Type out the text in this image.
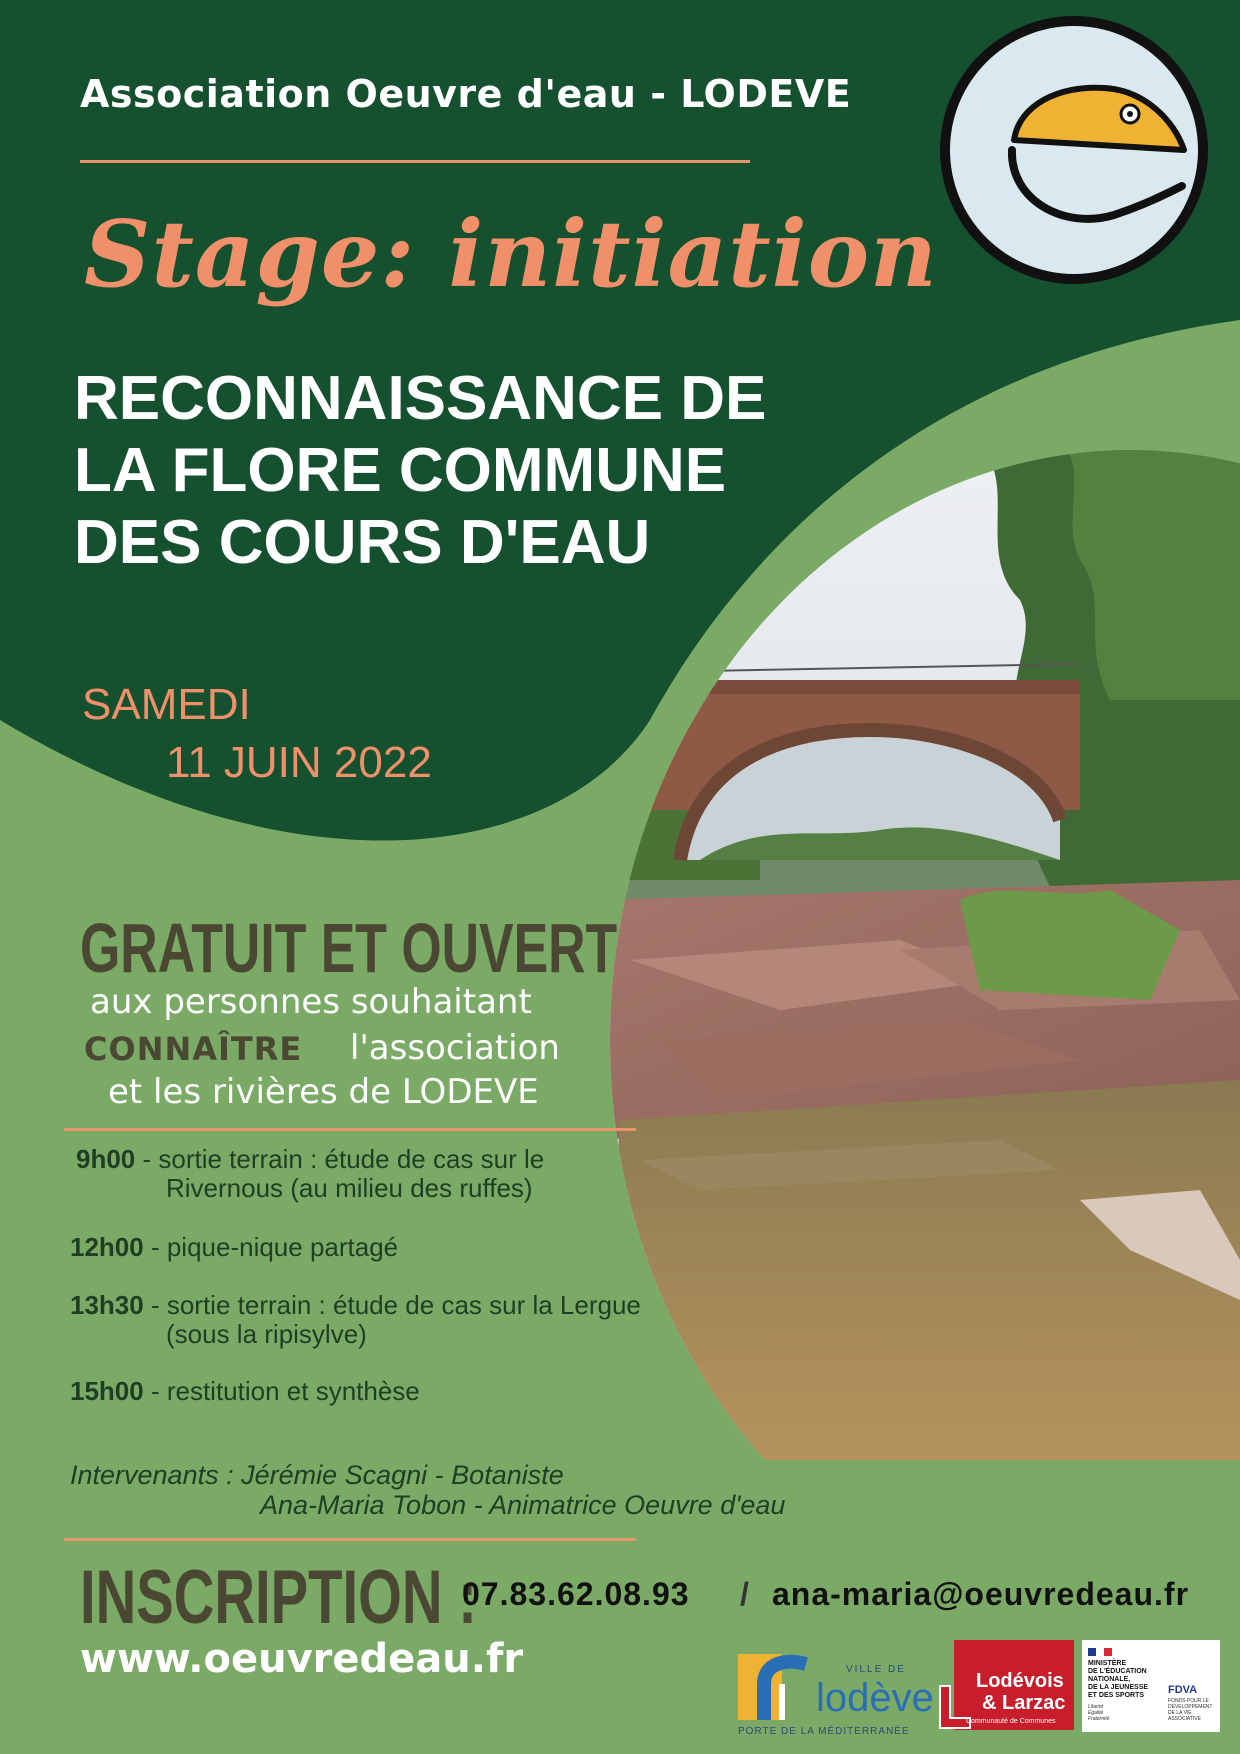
Association Oeuvre d'eau - LODEVE
Stage: initiation
RECONNAISSANCE DE
LA FLORE COMMUNE
DES COURS D'EAU
SAMEDI
11 JUIN 2022
GRATUIT ET OUVERT
aux personnes souhaitant
CONNAÎTRE l'association
et les rivières de LODEVE
9h00 - sortie terrain : étude de cas sur le
Rivernous (au milieu des ruffes)
12h00 - pique-nique partagé
13h30 - sortie terrain : étude de cas sur la Lergue
(sous la ripisylve)
15h00 - restitution et synthèse
Intervenants : Jérémie Scagni - Botaniste
Ana-Maria Tobon - Animatrice Oeuvre d'eau
INSCRIPTION :
07.83.62.08.93 / ana-maria@oeuvredeau.fr
www.oeuvredeau.fr	VILLE DE
lodève
PORTE DE LA MÉDITERRANÉE
Lodévois
& Larzac
Communauté de Communes
MINISTÈRE
DE L'ÉDUCATION
NATIONALE,
DE LA JEUNESSE
ET DES SPORTS
Liberté
Égalité
Fraternité
FDVA
FONDS POUR LE
DÉVELOPPEMENT
DE LA VIE
ASSOCIATIVE
